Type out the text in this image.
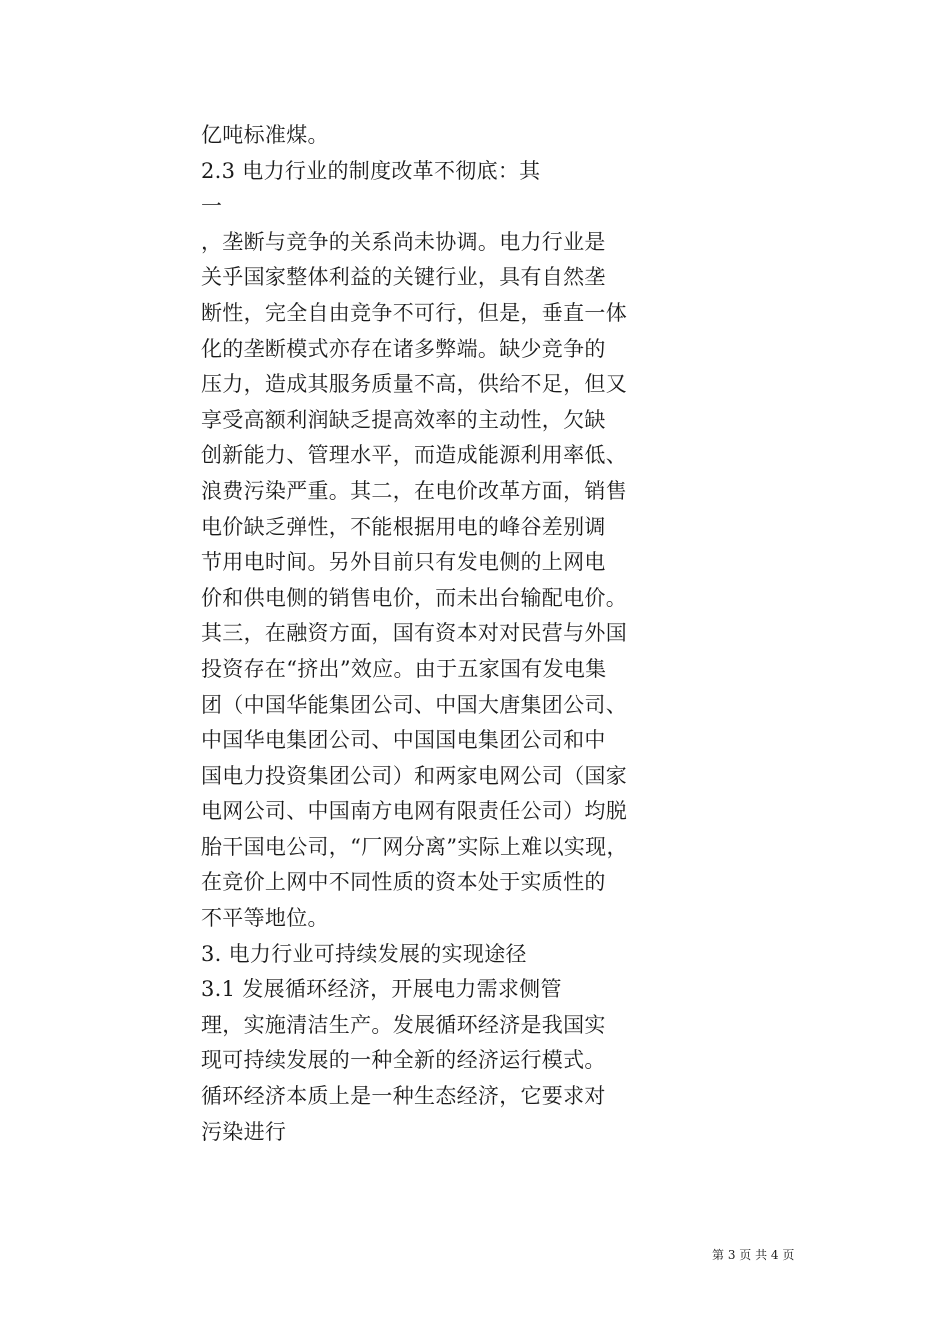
亿吨标准煤。
2.3 电力行业的制度改革不彻底：其
一
，垄断与竞争的关系尚未协调。电力行业是
关乎国家整体利益的关键行业，具有自然垄
断性，完全自由竞争不可行，但是，垂直一体
化的垄断模式亦存在诸多弊端。缺少竞争的
压力，造成其服务质量不高，供给不足，但又
享受高额利润缺乏提高效率的主动性，欠缺
创新能力、管理水平，而造成能源利用率低、
浪费污染严重。其二，在电价改革方面，销售
电价缺乏弹性，不能根据用电的峰谷差别调
节用电时间。另外目前只有发电侧的上网电
价和供电侧的销售电价，而未出台输配电价。
其三，在融资方面，国有资本对对民营与外国
投资存在“挤出”效应。由于五家国有发电集
团（中国华能集团公司、中国大唐集团公司、
中国华电集团公司、中国国电集团公司和中
国电力投资集团公司）和两家电网公司（国家
电网公司、中国南方电网有限责任公司）均脱
胎干国电公司，“厂网分离”实际上难以实现，
在竞价上网中不同性质的资本处于实质性的
不平等地位。
3. 电力行业可持续发展的实现途径
3.1 发展循环经济，开展电力需求侧管
理，实施清洁生产。发展循环经济是我国实
现可持续发展的一种全新的经济运行模式。
循环经济本质上是一种生态经济，它要求对
污染进行
第 3 页 共 4 页
